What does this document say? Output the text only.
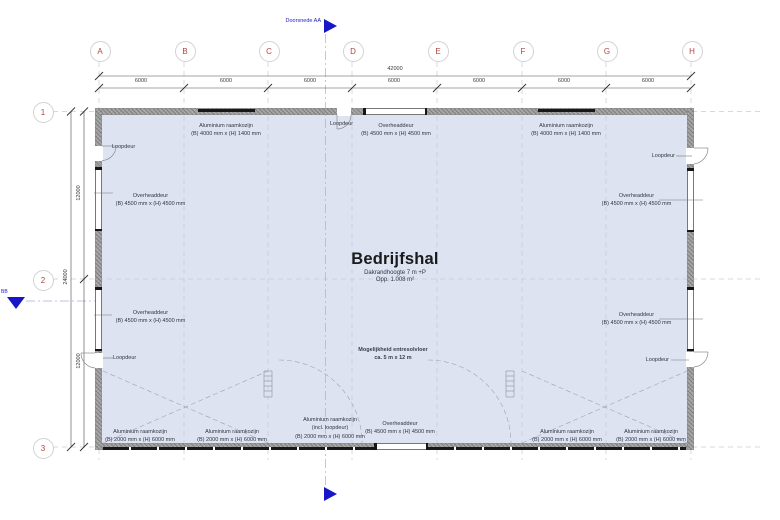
A	B	C	D	E	F	G	H
1
2
3
42000
6000	6000	6000	6000	6000	6000	6000
24000
12000
12000
Doorsnede AA
BB
Aluminium raamkozijn
(B) 4000 mm x (H) 1400 mm
Loopdeur	Overheaddeur
(B) 4500 mm x (H) 4500 mm
Aluminium raamkozijn
(B) 4000 mm x (H) 1400 mm
Loopdeur
Loopdeur
Overheaddeur
(B) 4500 mm x (H) 4500 mm
Overheaddeur
(B) 4500 mm x (H) 4500 mm
Loopdeur
Overheaddeur
(B) 4500 mm x (H) 4500 mm
Overheaddeur
(B) 4500 mm x (H) 4500 mm
Loopdeur
Bedrijfshal
Dakrandhoogte 7 m +P
Opp. 1.008 m²
Mogelijkheid entresolvloer
ca. 5 m x 12 m
Aluminium raamkozijn
(B) 2000 mm x (H) 6000 mm
Aluminium raamkozijn
(B) 2000 mm x (H) 6000 mm
Aluminium raamkozijn
(incl. loopdeur)
(B) 2000 mm x (H) 6000 mm
Overheaddeur
(B) 4500 mm x (H) 4500 mm	Aluminium raamkozijn
(B) 2000 mm x (H) 6000 mm
Aluminium raamkozijn
(B) 2000 mm x (H) 6000 mm
